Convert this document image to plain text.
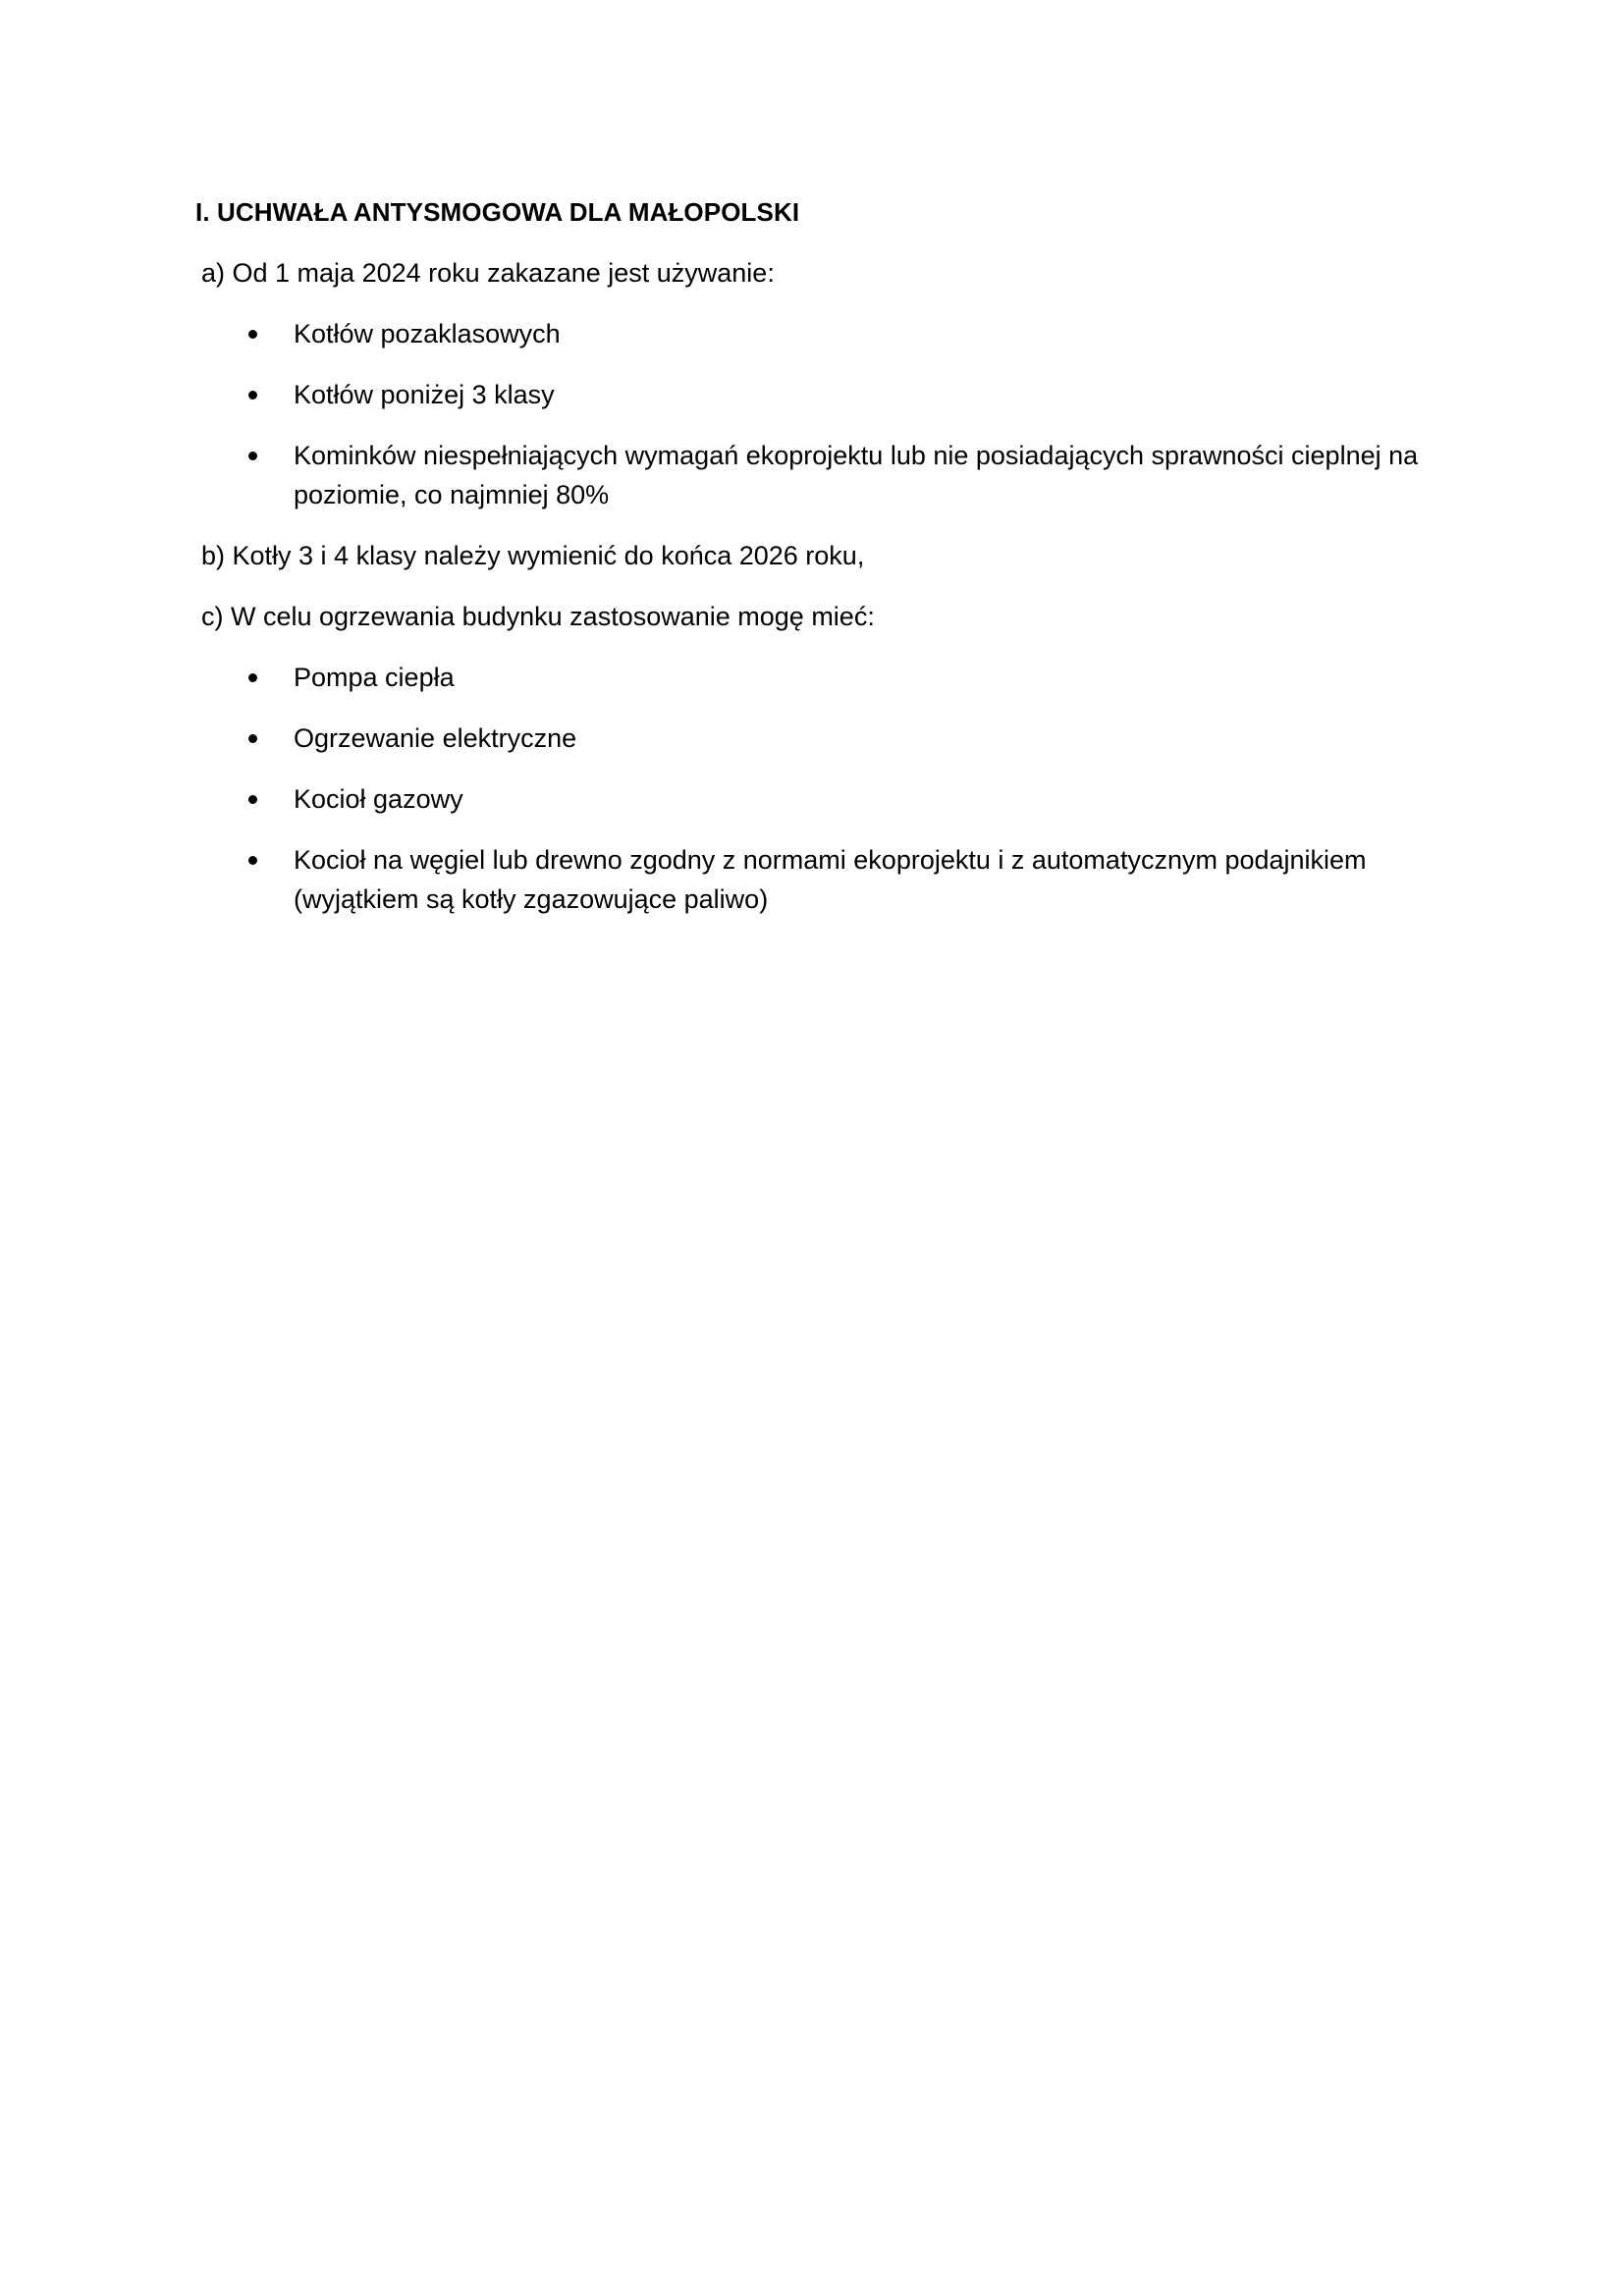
I. UCHWAŁA ANTYSMOGOWA DLA MAŁOPOLSKI
a) Od 1 maja 2024 roku zakazane jest używanie:
Kotłów pozaklasowych
Kotłów poniżej 3 klasy
Kominków niespełniających wymagań ekoprojektu lub nie posiadających sprawności cieplnej na poziomie, co najmniej 80%
b) Kotły 3 i 4 klasy należy wymienić do końca 2026 roku,
c) W celu ogrzewania budynku zastosowanie mogę mieć:
Pompa ciepła
Ogrzewanie elektryczne
Kocioł gazowy
Kocioł na węgiel lub drewno zgodny z normami ekoprojektu i z automatycznym podajnikiem (wyjątkiem są kotły zgazowujące paliwo)
